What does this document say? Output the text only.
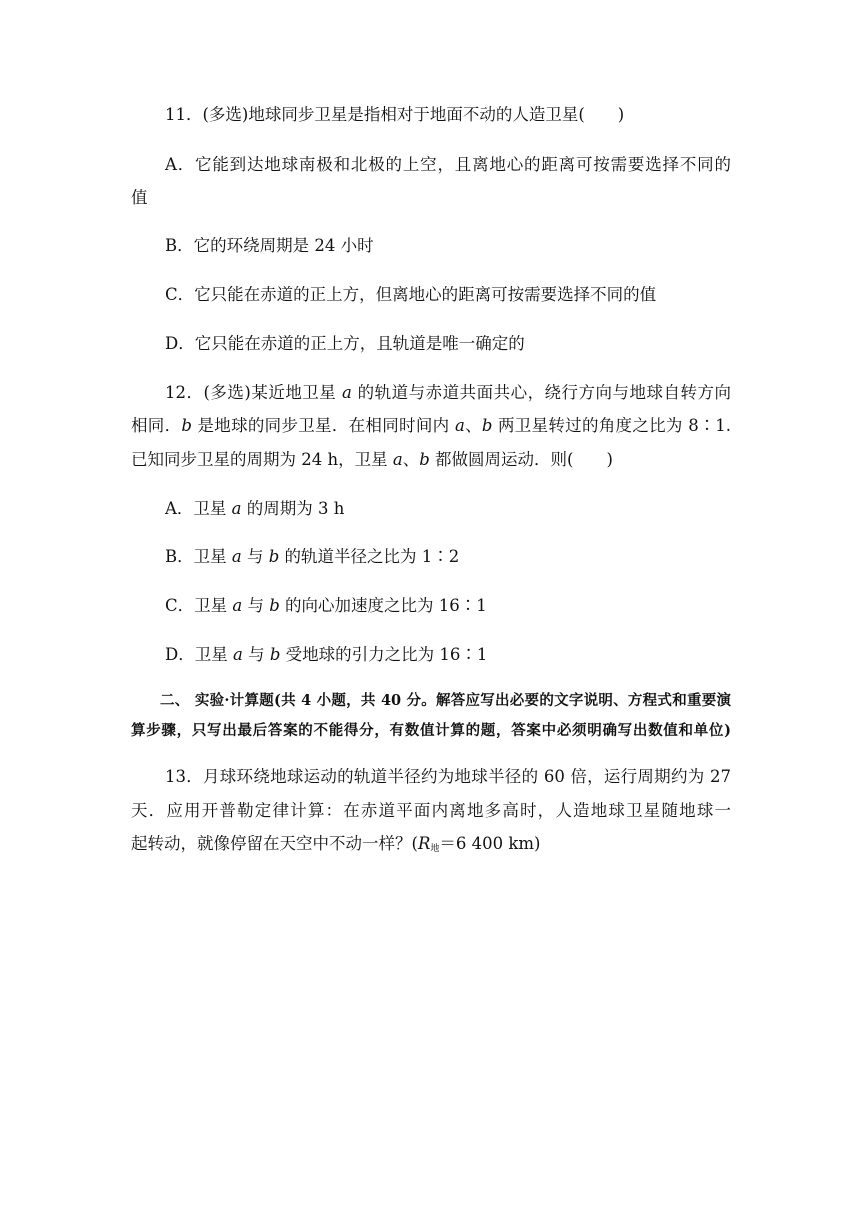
11．(多选)地球同步卫星是指相对于地面不动的人造卫星(　　)
A．它能到达地球南极和北极的上空，且离地心的距离可按需要选择不同的
值
B．它的环绕周期是 24 小时
C．它只能在赤道的正上方，但离地心的距离可按需要选择不同的值
D．它只能在赤道的正上方，且轨道是唯一确定的
12．(多选)某近地卫星 a 的轨道与赤道共面共心，绕行方向与地球自转方向
相同．b 是地球的同步卫星．在相同时间内 a、b 两卫星转过的角度之比为 8∶1.
已知同步卫星的周期为 24 h，卫星 a、b 都做圆周运动．则(　　)
A．卫星 a 的周期为 3 h
B．卫星 a 与 b 的轨道半径之比为 1∶2
C．卫星 a 与 b 的向心加速度之比为 16∶1
D．卫星 a 与 b 受地球的引力之比为 16∶1
二、 实验·计算题(共 4 小题，共 40 分。解答应写出必要的文字说明、方程式和重要演
算步骤，只写出最后答案的不能得分，有数值计算的题，答案中必须明确写出数值和单位)
13．月球环绕地球运动的轨道半径约为地球半径的 60 倍，运行周期约为 27
天．应用开普勒定律计算：在赤道平面内离地多高时，人造地球卫星随地球一
起转动，就像停留在天空中不动一样？($R_地=6$ 400 km)
